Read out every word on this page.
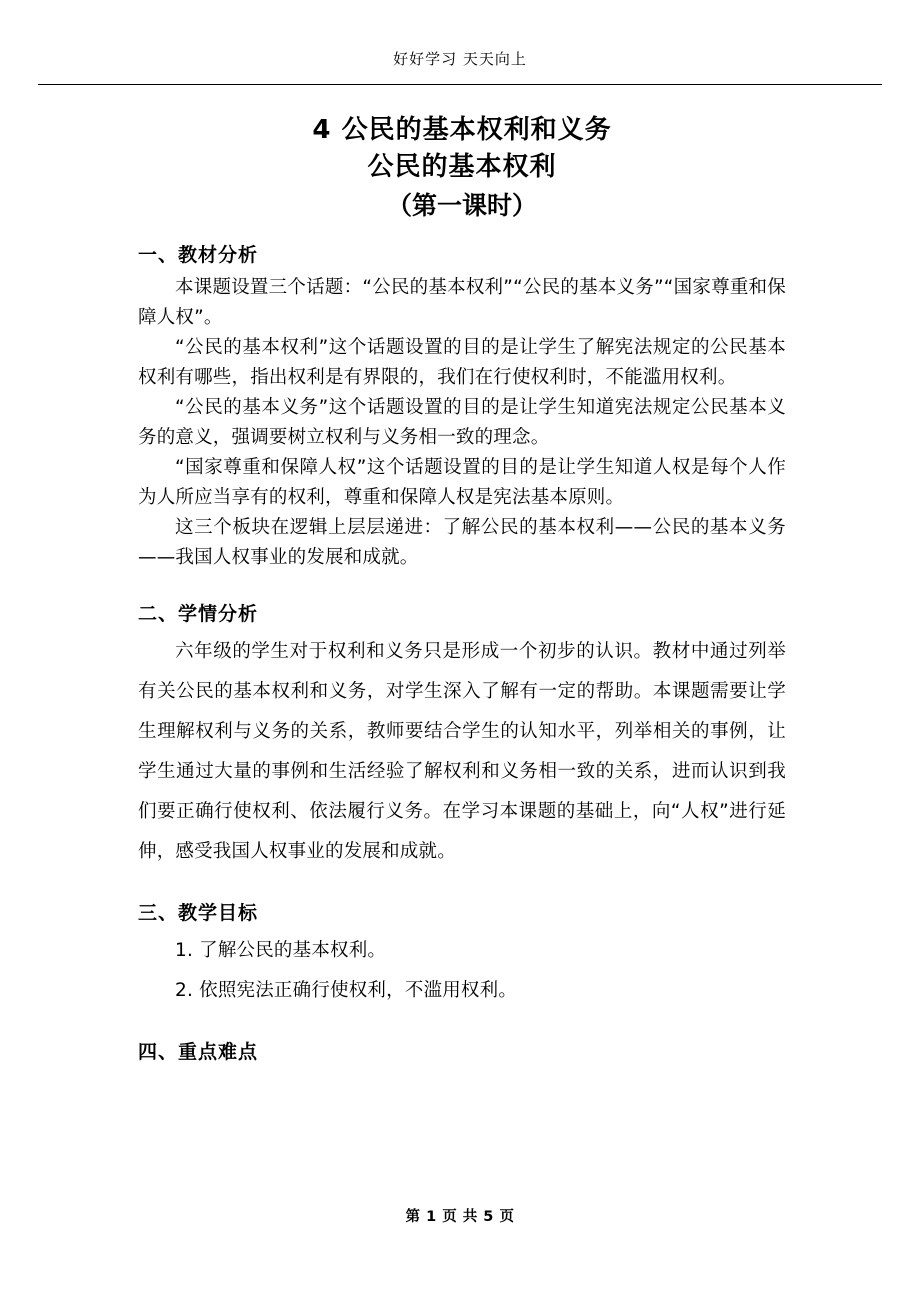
好好学习 天天向上
4 公民的基本权利和义务
公民的基本权利
（第一课时）
一、教材分析

本课题设置三个话题：“公民的基本权利”“公民的基本义务”“国家尊重和保障人权”。

“公民的基本权利”这个话题设置的目的是让学生了解宪法规定的公民基本权利有哪些，指出权利是有界限的，我们在行使权利时，不能滥用权利。

“公民的基本义务”这个话题设置的目的是让学生知道宪法规定公民基本义务的意义，强调要树立权利与义务相一致的理念。

“国家尊重和保障人权”这个话题设置的目的是让学生知道人权是每个人作为人所应当享有的权利，尊重和保障人权是宪法基本原则。

这三个板块在逻辑上层层递进：了解公民的基本权利——公民的基本义务——我国人权事业的发展和成就。

二、学情分析

六年级的学生对于权利和义务只是形成一个初步的认识。教材中通过列举有关公民的基本权利和义务，对学生深入了解有一定的帮助。本课题需要让学生理解权利与义务的关系，教师要结合学生的认知水平，列举相关的事例，让学生通过大量的事例和生活经验了解权利和义务相一致的关系，进而认识到我们要正确行使权利、依法履行义务。在学习本课题的基础上，向“人权”进行延伸，感受我国人权事业的发展和成就。

三、教学目标

1. 了解公民的基本权利。

2. 依照宪法正确行使权利，不滥用权利。

四、重点难点
第 1 页 共 5 页
